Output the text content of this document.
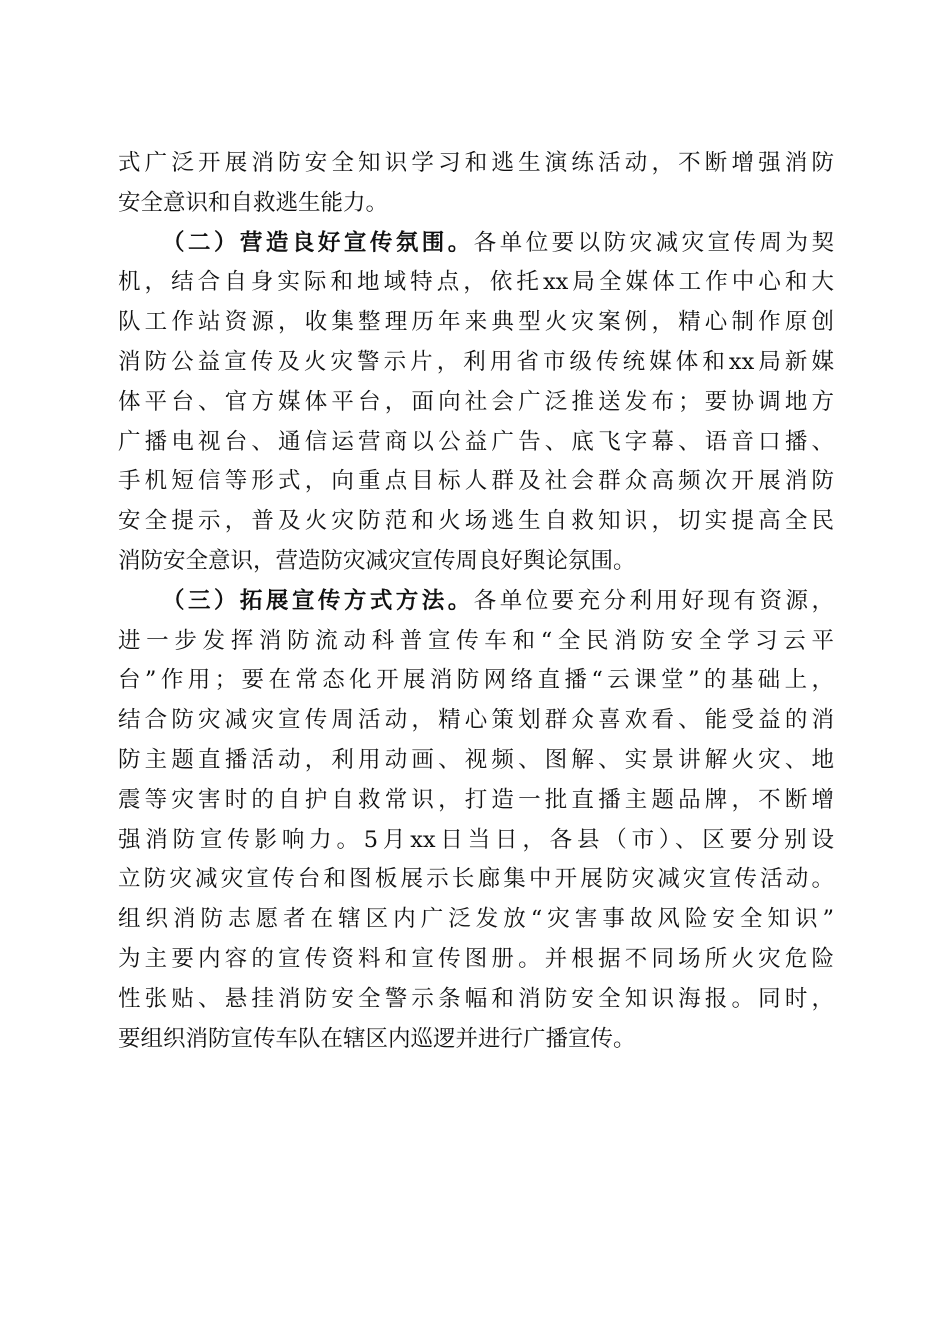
式广泛开展消防安全知识学习和逃生演练活动，不断增强消防
安全意识和自救逃生能力。
（二）营造良好宣传氛围。各单位要以防灾减灾宣传周为契
机，结合自身实际和地域特点，依托xx局全媒体工作中心和大
队工作站资源，收集整理历年来典型火灾案例，精心制作原创
消防公益宣传及火灾警示片，利用省市级传统媒体和xx局新媒
体平台、官方媒体平台，面向社会广泛推送发布；要协调地方
广播电视台、通信运营商以公益广告、底飞字幕、语音口播、
手机短信等形式，向重点目标人群及社会群众高频次开展消防
安全提示，普及火灾防范和火场逃生自救知识，切实提高全民
消防安全意识，营造防灾减灾宣传周良好舆论氛围。
（三）拓展宣传方式方法。各单位要充分利用好现有资源，
进一步发挥消防流动科普宣传车和“全民消防安全学习云平
台”作用；要在常态化开展消防网络直播“云课堂”的基础上，
结合防灾减灾宣传周活动，精心策划群众喜欢看、能受益的消
防主题直播活动，利用动画、视频、图解、实景讲解火灾、地
震等灾害时的自护自救常识，打造一批直播主题品牌，不断增
强消防宣传影响力。5月xx日当日，各县（市）、区要分别设
立防灾减灾宣传台和图板展示长廊集中开展防灾减灾宣传活动。
组织消防志愿者在辖区内广泛发放“灾害事故风险安全知识”
为主要内容的宣传资料和宣传图册。并根据不同场所火灾危险
性张贴、悬挂消防安全警示条幅和消防安全知识海报。同时，
要组织消防宣传车队在辖区内巡逻并进行广播宣传。
